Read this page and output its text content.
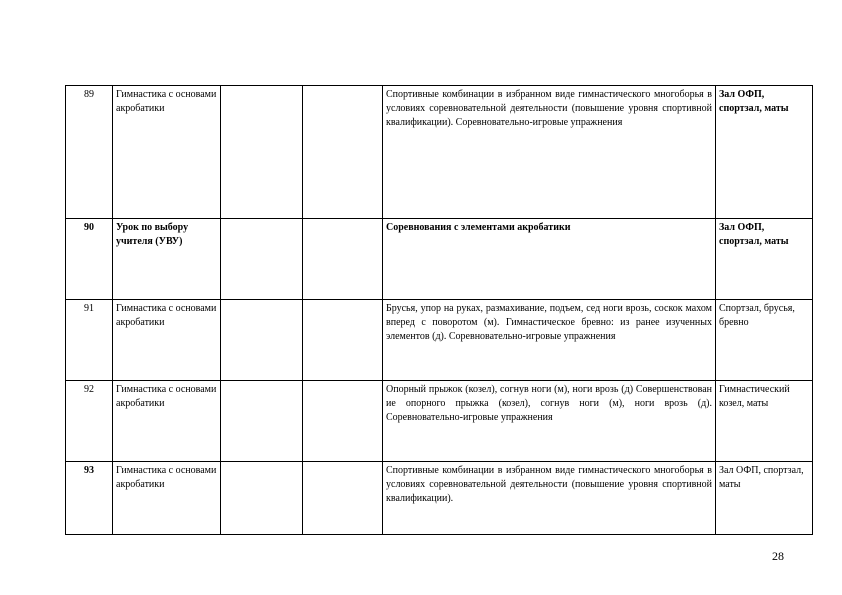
89	Гимнастика с основами акробатики			Спортивные комбинации в избранном виде гимнастического многоборья в условиях соревновательной деятельности (повышение уровня спортивной квалификации). Соревновательно-игровые упражнения	Зал ОФП, спортзал, маты
90	Урок по выбору учителя (УВУ)			Соревнования с элементами акробатики	Зал ОФП, спортзал, маты
91	Гимнастика с основами акробатики			Брусья, упор на руках, размахивание, подъем, сед ноги врозь, соскок махом вперед с поворотом (м). Гимнастическое бревно: из ранее изученных элементов (д). Соревновательно-игровые упражнения	Спортзал, брусья, бревно
92	Гимнастика с основами акробатики			Опорный прыжок (козел), согнув ноги (м), ноги врозь (д) Совершенствован ие опорного прыжка (козел), согнув ноги (м), ноги врозь (д). Соревновательно-игровые упражнения	Гимнастический козел, маты
93	Гимнастика с основами акробатики			Спортивные комбинации в избранном виде гимнастического многоборья в условиях соревновательной деятельности (повышение уровня спортивной квалификации).	Зал ОФП, спортзал, маты
28
